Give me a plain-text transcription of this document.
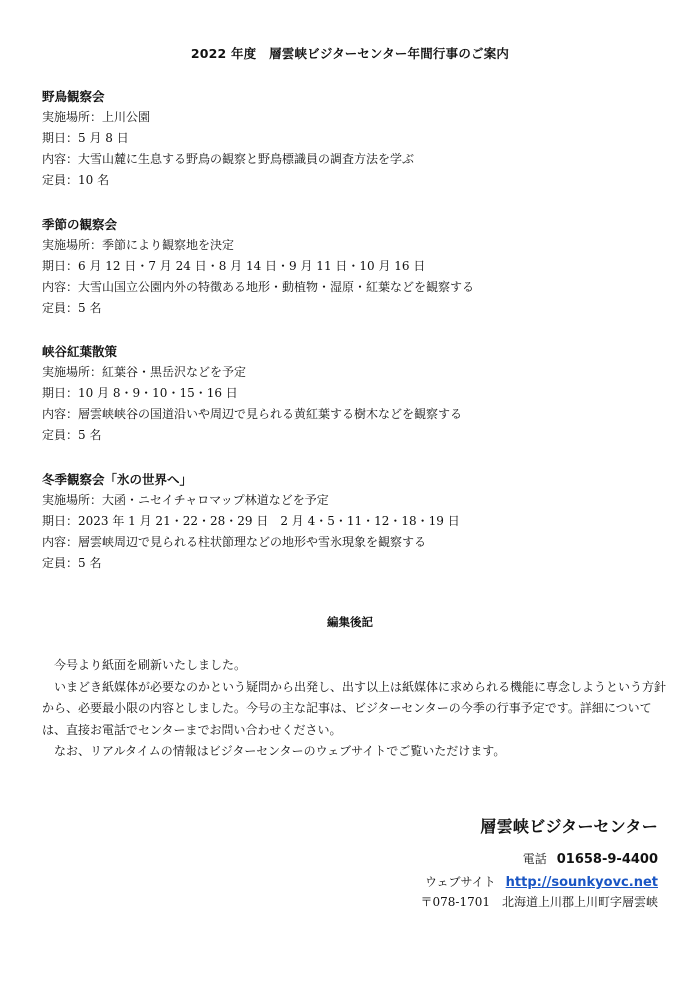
2022 年度　層雲峡ビジターセンター年間行事のご案内
野鳥観察会
実施場所：上川公園
期日：5 月 8 日
内容：大雪山麓に生息する野鳥の観察と野鳥標識員の調査方法を学ぶ
定員：10 名
季節の観察会
実施場所：季節により観察地を決定
期日：6 月 12 日・7 月 24 日・8 月 14 日・9 月 11 日・10 月 16 日
内容：大雪山国立公園内外の特徴ある地形・動植物・湿原・紅葉などを観察する
定員：5 名
峡谷紅葉散策
実施場所：紅葉谷・黒岳沢などを予定
期日：10 月 8・9・10・15・16 日
内容：層雲峡峡谷の国道沿いや周辺で見られる黄紅葉する樹木などを観察する
定員：5 名
冬季観察会「氷の世界へ」
実施場所：大函・ニセイチャロマップ林道などを予定
期日：2023 年 1 月 21・22・28・29 日　2 月 4・5・11・12・18・19 日
内容：層雲峡周辺で見られる柱状節理などの地形や雪氷現象を観察する
定員：5 名
編集後記

今号より紙面を刷新いたしました。

いまどき紙媒体が必要なのかという疑問から出発し、出す以上は紙媒体に求められる機能に専念しようという方針から、必要最小限の内容としました。今号の主な記事は、ビジターセンターの今季の行事予定です。詳細については、直接お電話でセンターまでお問い合わせください。

なお、リアルタイムの情報はビジターセンターのウェブサイトでご覧いただけます。

層雲峡ビジターセンター
電話 01658-9-4400
ウェブサイト http://sounkyovc.net
〒078-1701　北海道上川郡上川町字層雲峡
